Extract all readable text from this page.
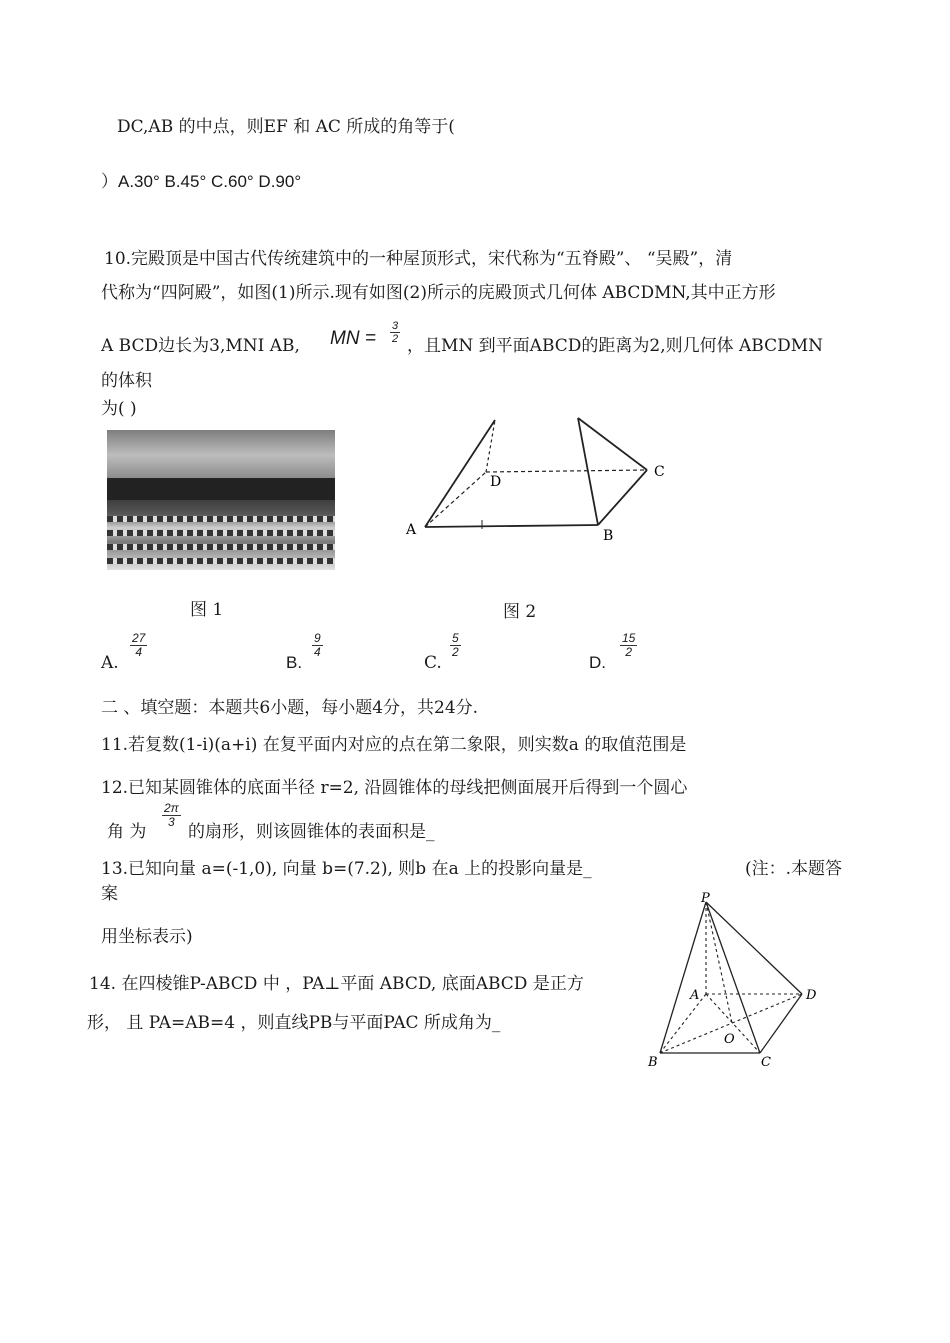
DC,AB 的中点，则EF 和 AC 所成的角等于(
）A.30° B.45° C.60° D.90°
10.完殿顶是中国古代传统建筑中的一种屋顶形式，宋代称为“五脊殿”、 “吴殿”，清
代称为“四阿殿”，如图(1)所示.现有如图(2)所示的庑殿顶式几何体 ABCDMN,其中正方形
A BCD边长为3,MNI AB, MN = $\frac{3}{2}$
，且MN 到平面ABCD的距离为2,则几何体 ABCDMN
的体积
为( )
图 1
A	B
C
D
图 2
A.
$\frac{27}{4}$
B.
$\frac{9}{4}$
C.
$\frac{5}{2}$
D.
$\frac{15}{2}$
二 、填空题：本题共6小题，每小题4分，共24分.
11.若复数(1-i)(a+i) 在复平面内对应的点在第二象限，则实数a 的取值范围是
12.已知某圆锥体的底面半径 r=2, 沿圆锥体的母线把侧面展开后得到一个圆心
角 为
$\frac{2\pi}{3}$
的扇形，则该圆锥体的表面积是_
13.已知向量 a=(-1,0), 向量 b=(7.2), 则b 在a 上的投影向量是_	(注：.本题答
案
用坐标表示)
14. 在四棱锥P-ABCD 中 ，PA⊥平面 ABCD, 底面ABCD 是正方
形， 且 PA=AB=4 ，则直线PB与平面PAC 所成角为_
P
A
B	C
D
O
